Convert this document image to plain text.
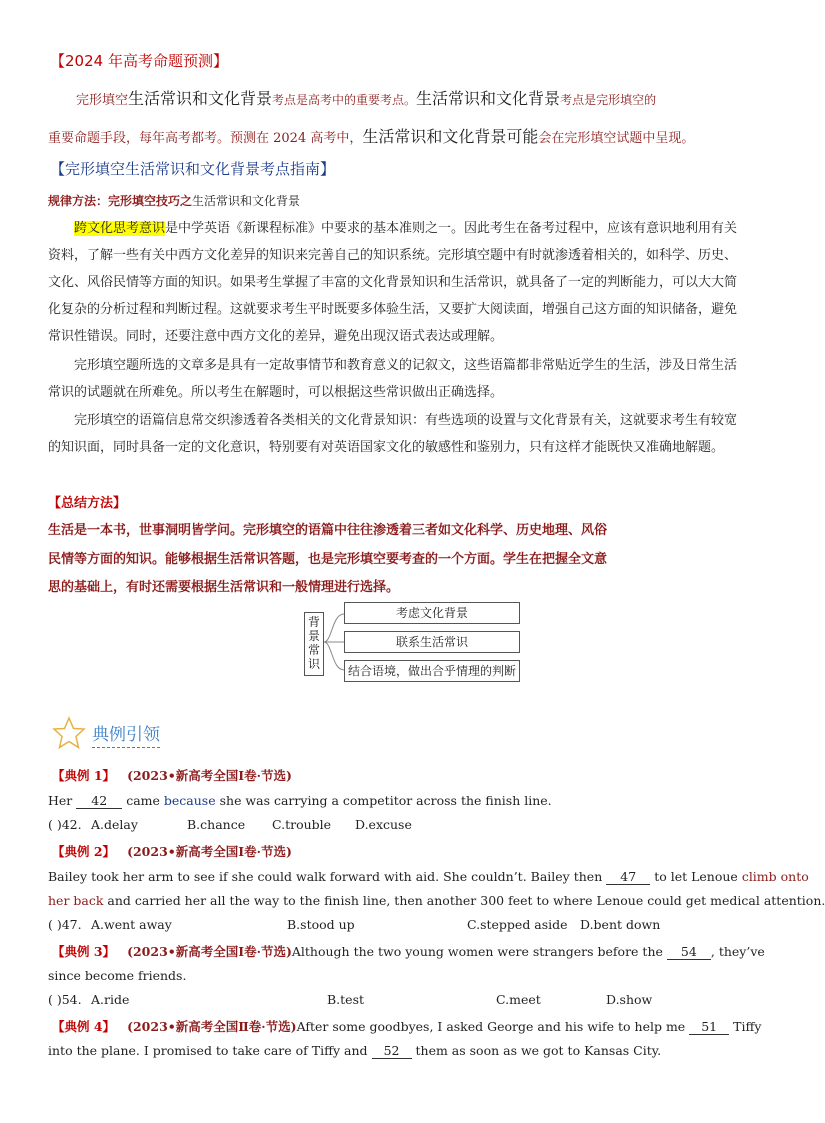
【2024 年高考命题预测】
完形填空生活常识和文化背景考点是高考中的重要考点。生活常识和文化背景考点是完形填空的
重要命题手段，每年高考都考。预测在 2024 高考中，生活常识和文化背景可能会在完形填空试题中呈现。
【完形填空生活常识和文化背景考点指南】
规律方法：完形填空技巧之生活常识和文化背景
跨文化思考意识是中学英语《新课程标准》中要求的基本准则之一。因此考生在备考过程中，应该有意识地利用有关资料，了解一些有关中西方文化差异的知识来完善自己的知识系统。完形填空题中有时就渗透着相关的，如科学、历史、文化、风俗民情等方面的知识。如果考生掌握了丰富的文化背景知识和生活常识，就具备了一定的判断能力，可以大大简化复杂的分析过程和判断过程。这就要求考生平时既要多体验生活，又要扩大阅读面，增强自己这方面的知识储备，避免常识性错误。同时，还要注意中西方文化的差异，避免出现汉语式表达或理解。
完形填空题所选的文章多是具有一定故事情节和教育意义的记叙文，这些语篇都非常贴近学生的生活，涉及日常生活常识的试题就在所难免。所以考生在解题时，可以根据这些常识做出正确选择。
完形填空的语篇信息常交织渗透着各类相关的文化背景知识：有些选项的设置与文化背景有关，这就要求考生有较宽的知识面，同时具备一定的文化意识，特别要有对英语国家文化的敏感性和鉴别力，只有这样才能既快又准确地解题。
【总结方法】
生活是一本书，世事洞明皆学问。完形填空的语篇中往往渗透着三者如文化科学、历史地理、风俗
民情等方面的知识。能够根据生活常识答题，也是完形填空要考查的一个方面。学生在把握全文意
思的基础上，有时还需要根据生活常识和一般情理进行选择。
背景常识
考虑文化背景
联系生活常识
结合语境，做出合乎情理的判断
典例引领
【典例 1】 (2023•新高考全国Ⅰ卷·节选)
Her 42 came because she was carrying a competitor across the finish line.
( )42. A.delay	B.chance C.trouble D.excuse
【典例 2】 (2023•新高考全国Ⅰ卷·节选)
Bailey took her arm to see if she could walk forward with aid. She couldn’t. Bailey then 47 to let Lenoue climb onto
her back and carried her all the way to the finish line, then another 300 feet to where Lenoue could get medical attention.
( )47. A.went away	B.stood up	C.stepped aside D.bent down
【典例 3】 (2023•新高考全国Ⅰ卷·节选)Although the two young women were strangers before the 54 , they’ve
since become friends.
( )54. A.ride	B.test	C.meet	D.show
【典例 4】 (2023•新高考全国Ⅱ卷·节选)After some goodbyes, I asked George and his wife to help me 51 Tiffy
into the plane. I promised to take care of Tiffy and 52 them as soon as we got to Kansas City.
